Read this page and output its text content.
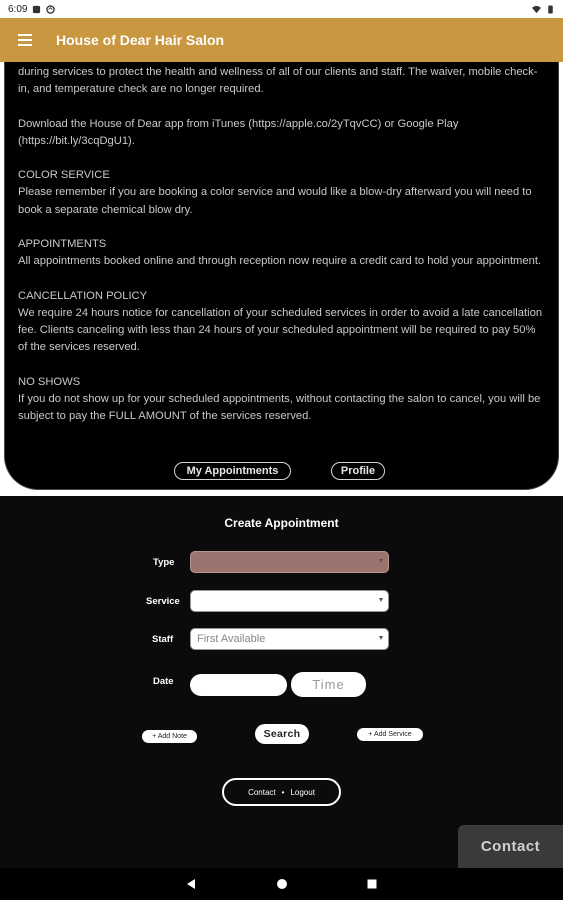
6:09
House of Dear Hair Salon

during services to protect the health and wellness of all of our clients and staff. The waiver, mobile check-in, and temperature check are no longer required.

Download the House of Dear app from iTunes (https://apple.co/2yTqvCC) or Google Play (https://bit.ly/3cqDgU1).

COLOR SERVICE
Please remember if you are booking a color service and would like a blow-dry afterward you will need to book a separate chemical blow dry.

APPOINTMENTS
All appointments booked online and through reception now require a credit card to hold your appointment.

CANCELLATION POLICY
We require 24 hours notice for cancellation of your scheduled services in order to avoid a late cancellation fee. Clients canceling with less than 24 hours of your scheduled appointment will be required to pay 50% of the services reserved.

NO SHOWS
If you do not show up for your scheduled appointments, without contacting the salon to cancel, you will be subject to pay the FULL AMOUNT of the services reserved.

My Appointments	Profile
Create Appointment
Type
Service
Staff First Available
Date	Time
+ Add Note	Search	+ Add Service
Contact • Logout
Contact
